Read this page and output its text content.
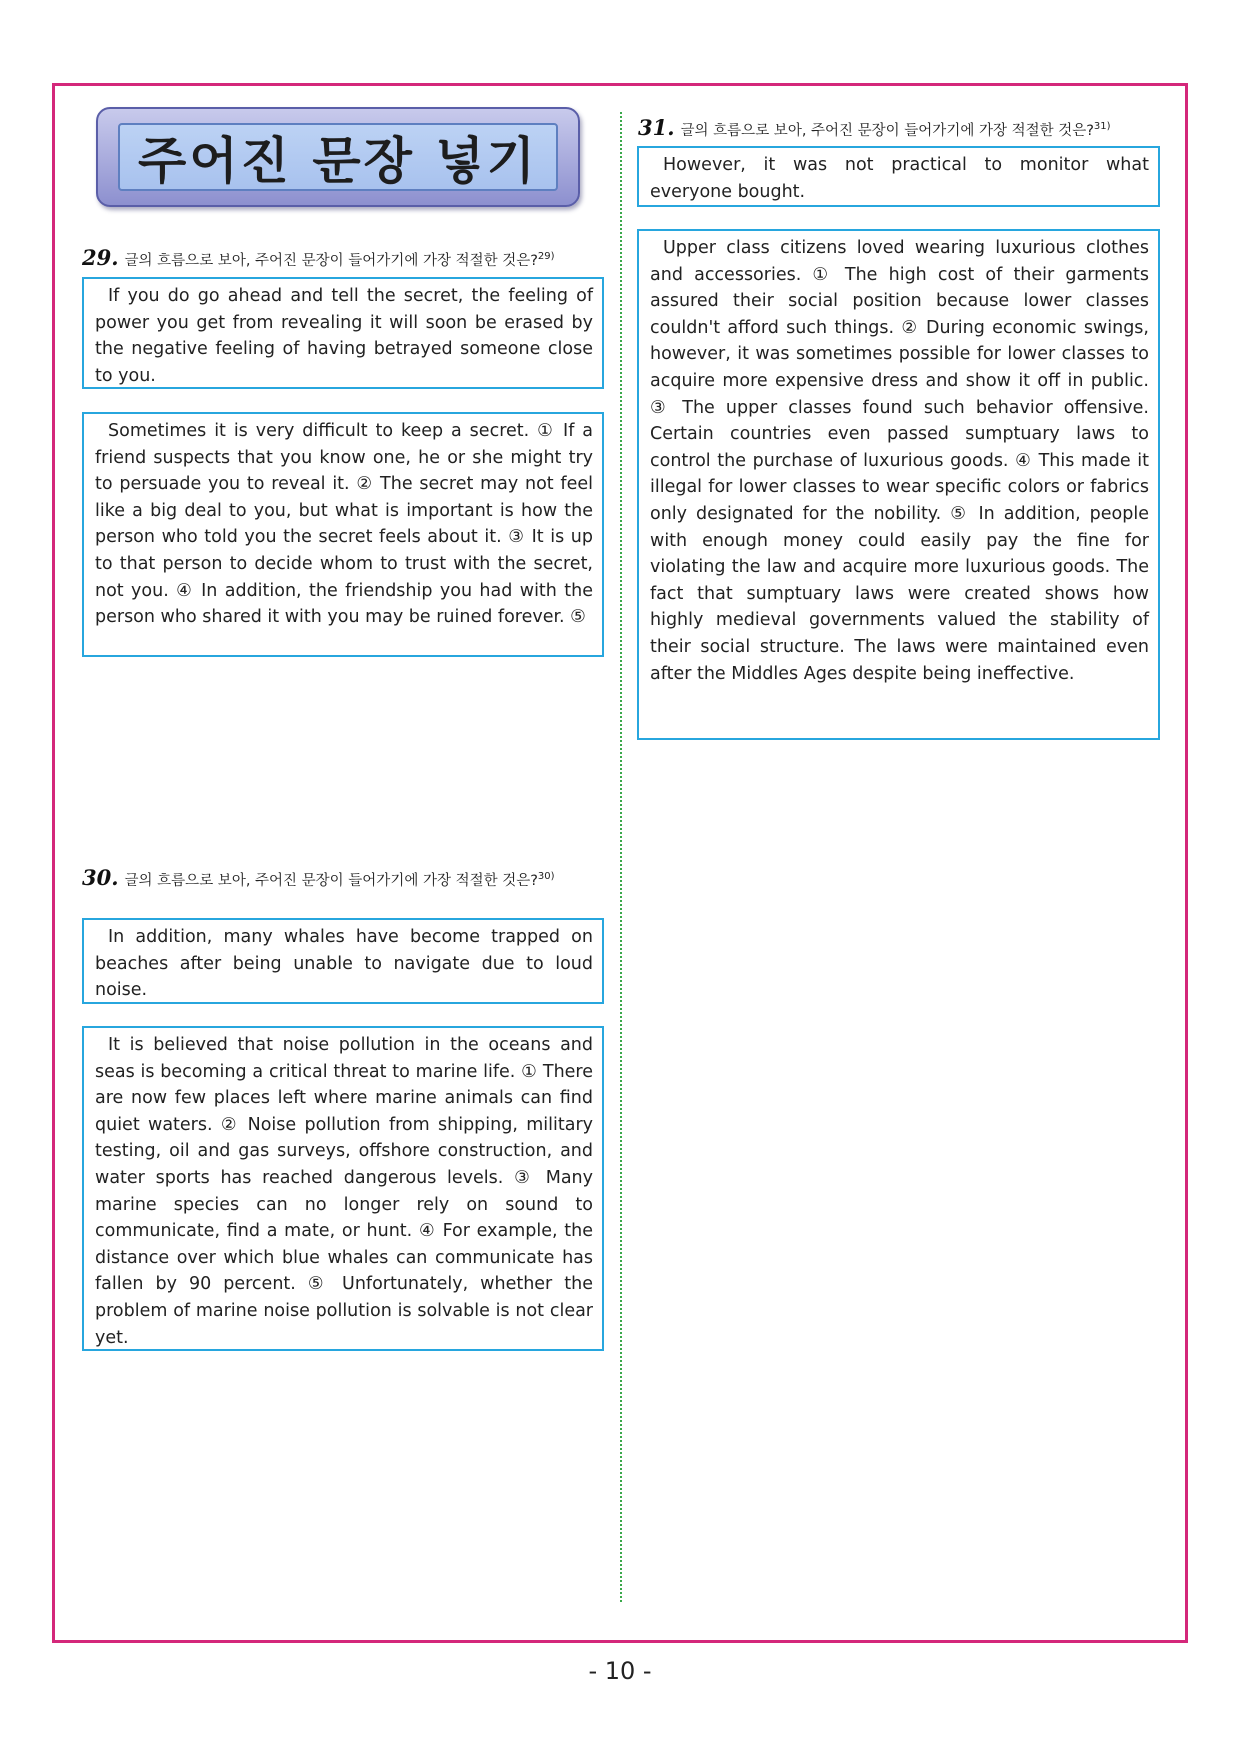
주어진 문장 넣기
29. 글의 흐름으로 보아, 주어진 문장이 들어가기에 가장 적절한 것은?$^{29)}$
If you do go ahead and tell the secret, the feeling of power you get from revealing it will soon be erased by the negative feeling of having betrayed someone close to you.
Sometimes it is very difficult to keep a secret. ① If a friend suspects that you know one, he or she might try to persuade you to reveal it. ② The secret may not feel like a big deal to you, but what is important is how the person who told you the secret feels about it. ③ It is up to that person to decide whom to trust with the secret, not you. ④ In addition, the friendship you had with the person who shared it with you may be ruined forever. ⑤
30. 글의 흐름으로 보아, 주어진 문장이 들어가기에 가장 적절한 것은?$^{30)}$
In addition, many whales have become trapped on beaches after being unable to navigate due to loud noise.
It is believed that noise pollution in the oceans and seas is becoming a critical threat to marine life. ① There are now few places left where marine animals can find quiet waters. ② Noise pollution from shipping, military testing, oil and gas surveys, offshore construction, and water sports has reached dangerous levels. ③ Many marine species can no longer rely on sound to communicate, find a mate, or hunt. ④ For example, the distance over which blue whales can communicate has fallen by 90 percent. ⑤ Unfortunately, whether the problem of marine noise pollution is solvable is not clear yet.
31. 글의 흐름으로 보아, 주어진 문장이 들어가기에 가장 적절한 것은?$^{31)}$
However, it was not practical to monitor what everyone bought.
Upper class citizens loved wearing luxurious clothes and accessories. ① The high cost of their garments assured their social position because lower classes couldn't afford such things. ② During economic swings, however, it was sometimes possible for lower classes to acquire more expensive dress and show it off in public. ③ The upper classes found such behavior offensive. Certain countries even passed sumptuary laws to control the purchase of luxurious goods. ④ This made it illegal for lower classes to wear specific colors or fabrics only designated for the nobility. ⑤ In addition, people with enough money could easily pay the fine for violating the law and acquire more luxurious goods. The fact that sumptuary laws were created shows how highly medieval governments valued the stability of their social structure. The laws were maintained even after the Middles Ages despite being ineffective.
- 10 -
